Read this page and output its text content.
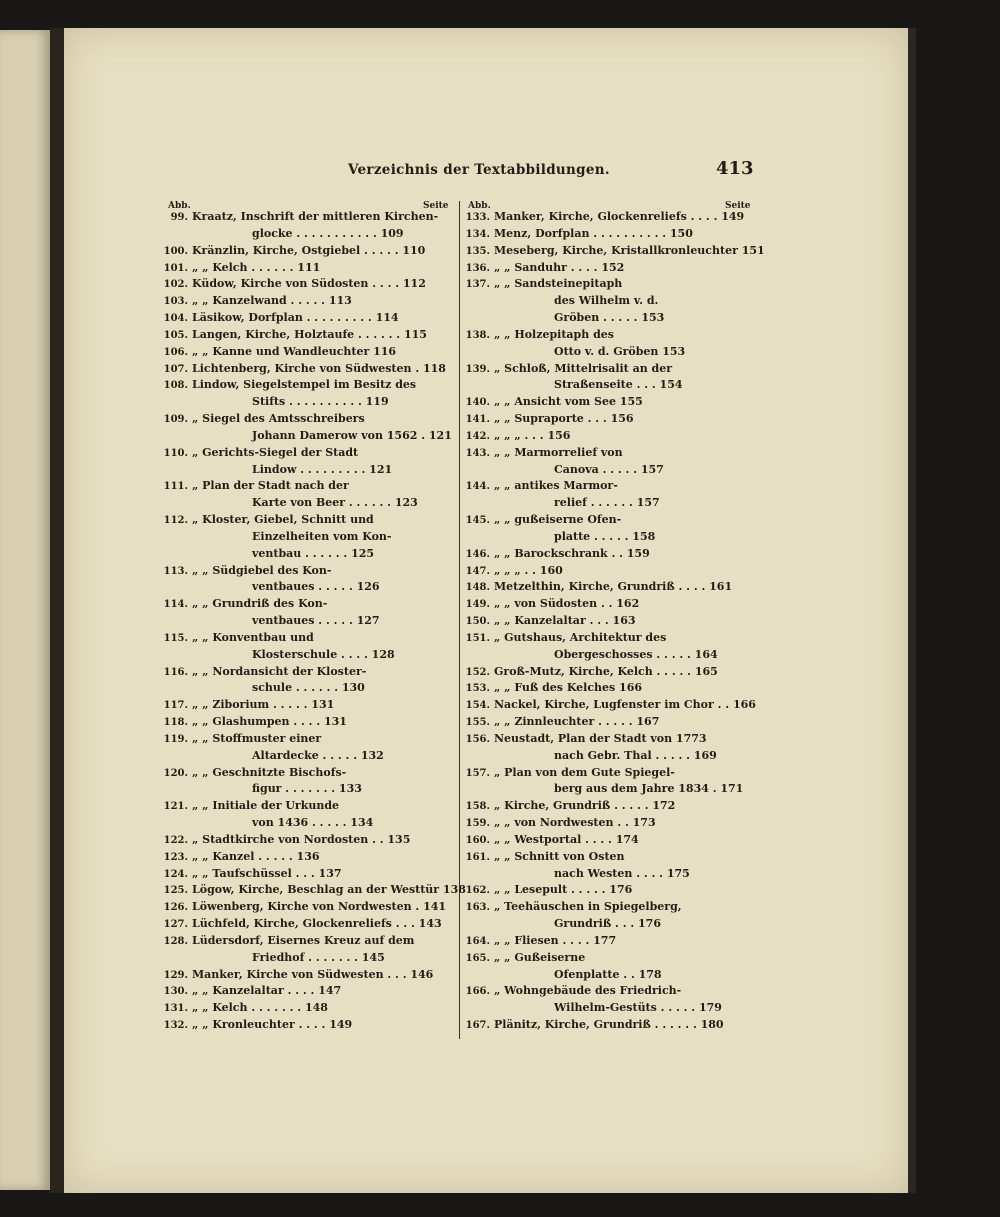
Verzeichnis der Textabbildungen.	413
Abb.	Seite Abb.	Seite
99. Kraatz, Inschrift der mittleren Kirchen-
glocke . . . . . . . . . . . 109
100. Kränzlin, Kirche, Ostgiebel . . . . . 110
101. „ „ Kelch . . . . . . 111
102. Küdow, Kirche von Südosten . . . . 112
103. „ „ Kanzelwand . . . . . 113
104. Läsikow, Dorfplan . . . . . . . . . 114
105. Langen, Kirche, Holztaufe . . . . . . 115
106. „ „ Kanne und Wandleuchter 116
107. Lichtenberg, Kirche von Südwesten . 118
108. Lindow, Siegelstempel im Besitz des
Stifts . . . . . . . . . . 119
109. „ Siegel des Amtsschreibers
Johann Damerow von 1562 . 121
110. „ Gerichts-Siegel der Stadt
Lindow . . . . . . . . . 121
111. „ Plan der Stadt nach der
Karte von Beer . . . . . . 123
112. „ Kloster, Giebel, Schnitt und
Einzelheiten vom Kon-
ventbau . . . . . . 125
113. „ „ Südgiebel des Kon-
ventbaues . . . . . 126
114. „ „ Grundriß des Kon-
ventbaues . . . . . 127
115. „ „ Konventbau und
Klosterschule . . . . 128
116. „ „ Nordansicht der Kloster-
schule . . . . . . 130
117. „ „ Ziborium . . . . . 131
118. „ „ Glashumpen . . . . 131
119. „ „ Stoffmuster einer
Altardecke . . . . . 132
120. „ „ Geschnitzte Bischofs-
figur . . . . . . . 133
121. „ „ Initiale der Urkunde
von 1436 . . . . . 134
122. „ Stadtkirche von Nordosten . . 135
123. „ „ Kanzel . . . . . 136
124. „ „ Taufschüssel . . . 137
125. Lögow, Kirche, Beschlag an der Westtür 138
126. Löwenberg, Kirche von Nordwesten . 141
127. Lüchfeld, Kirche, Glockenreliefs . . . 143
128. Lüdersdorf, Eisernes Kreuz auf dem
Friedhof . . . . . . . 145
129. Manker, Kirche von Südwesten . . . 146
130. „ „ Kanzelaltar . . . . 147
131. „ „ Kelch . . . . . . . 148
132. „ „ Kronleuchter . . . . 149
133. Manker, Kirche, Glockenreliefs . . . . 149
134. Menz, Dorfplan . . . . . . . . . . 150
135. Meseberg, Kirche, Kristallkronleuchter 151
136. „ „ Sanduhr . . . . 152
137. „ „ Sandsteinepitaph
des Wilhelm v. d.
Gröben . . . . . 153
138. „ „ Holzepitaph des
Otto v. d. Gröben 153
139. „ Schloß, Mittelrisalit an der
Straßenseite . . . 154
140. „ „ Ansicht vom See 155
141. „ „ Supraporte . . . 156
142. „ „ „ . . . 156
143. „ „ Marmorrelief von
Canova . . . . . 157
144. „ „ antikes Marmor-
relief . . . . . . 157
145. „ „ gußeiserne Ofen-
platte . . . . . 158
146. „ „ Barockschrank . . 159
147. „ „ „ . . 160
148. Metzelthin, Kirche, Grundriß . . . . 161
149. „ „ von Südosten . . 162
150. „ „ Kanzelaltar . . . 163
151. „ Gutshaus, Architektur des
Obergeschosses . . . . . 164
152. Groß-Mutz, Kirche, Kelch . . . . . 165
153. „ „ Fuß des Kelches 166
154. Nackel, Kirche, Lugfenster im Chor . . 166
155. „ „ Zinnleuchter . . . . . 167
156. Neustadt, Plan der Stadt von 1773
nach Gebr. Thal . . . . . 169
157. „ Plan von dem Gute Spiegel-
berg aus dem Jahre 1834 . 171
158. „ Kirche, Grundriß . . . . . 172
159. „ „ von Nordwesten . . 173
160. „ „ Westportal . . . . 174
161. „ „ Schnitt von Osten
nach Westen . . . . 175
162. „ „ Lesepult . . . . . 176
163. „ Teehäuschen in Spiegelberg,
Grundriß . . . 176
164. „ „ Fliesen . . . . 177
165. „ „ Gußeiserne
Ofenplatte . . 178
166. „ Wohngebäude des Friedrich-
Wilhelm-Gestüts . . . . . 179
167. Plänitz, Kirche, Grundriß . . . . . . 180
